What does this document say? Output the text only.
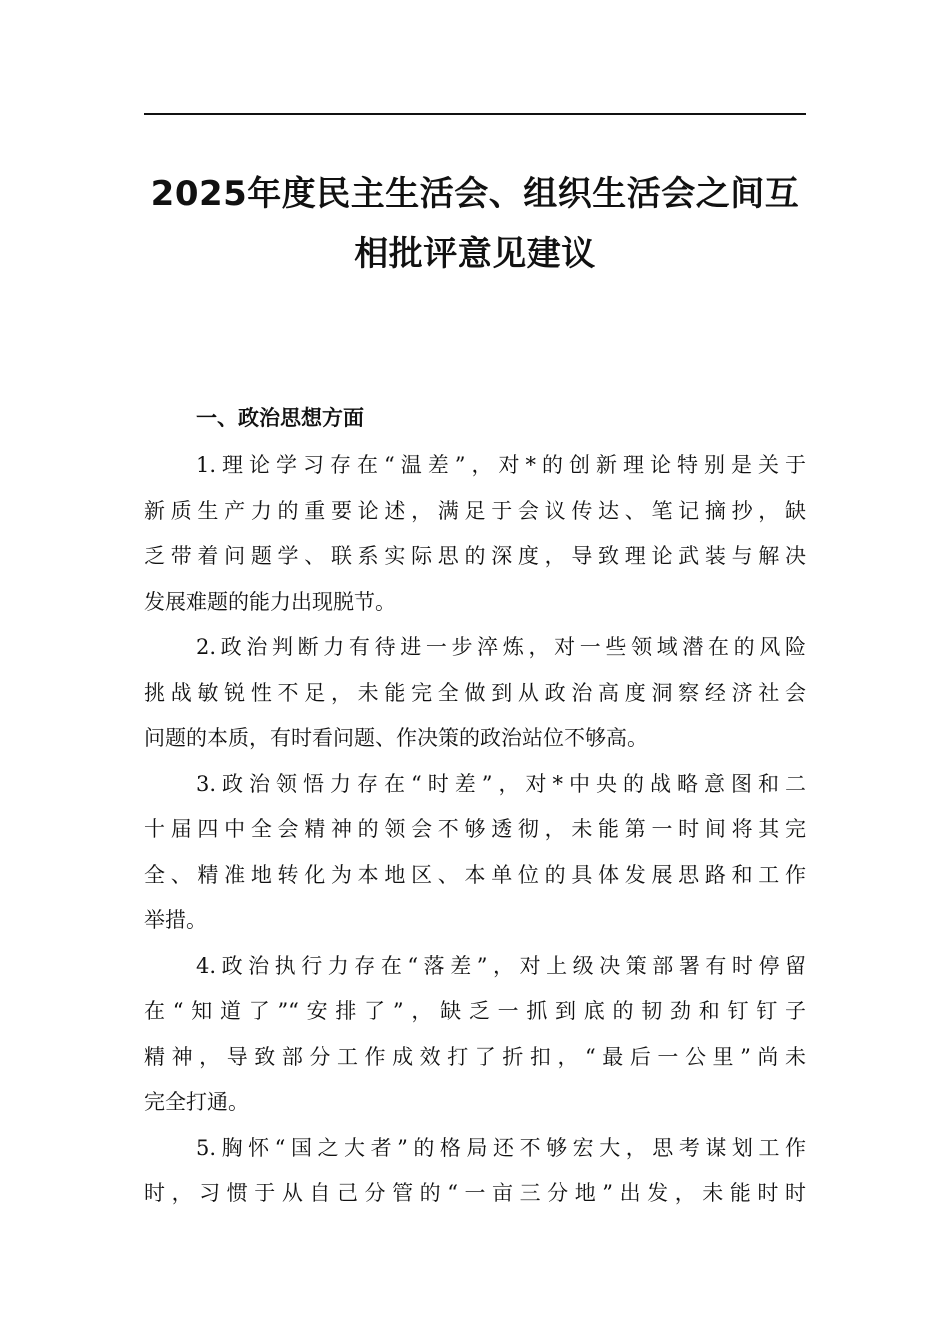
2025年度民主生活会、组织生活会之间互
相批评意见建议
一、政治思想方面

1.理论学习存在“温差”，对*的创新理论特别是关于
新质生产力的重要论述，满足于会议传达、笔记摘抄，缺
乏带着问题学、联系实际思的深度，导致理论武装与解决
发展难题的能力出现脱节。

2.政治判断力有待进一步淬炼，对一些领域潜在的风险
挑战敏锐性不足，未能完全做到从政治高度洞察经济社会
问题的本质，有时看问题、作决策的政治站位不够高。

3.政治领悟力存在“时差”，对*中央的战略意图和二
十届四中全会精神的领会不够透彻，未能第一时间将其完
全、精准地转化为本地区、本单位的具体发展思路和工作
举措。

4.政治执行力存在“落差”，对上级决策部署有时停留
在“知道了”“安排了”，缺乏一抓到底的韧劲和钉钉子
精神，导致部分工作成效打了折扣，“最后一公里”尚未
完全打通。

5.胸怀“国之大者”的格局还不够宏大，思考谋划工作
时，习惯于从自己分管的“一亩三分地”出发，未能时时
